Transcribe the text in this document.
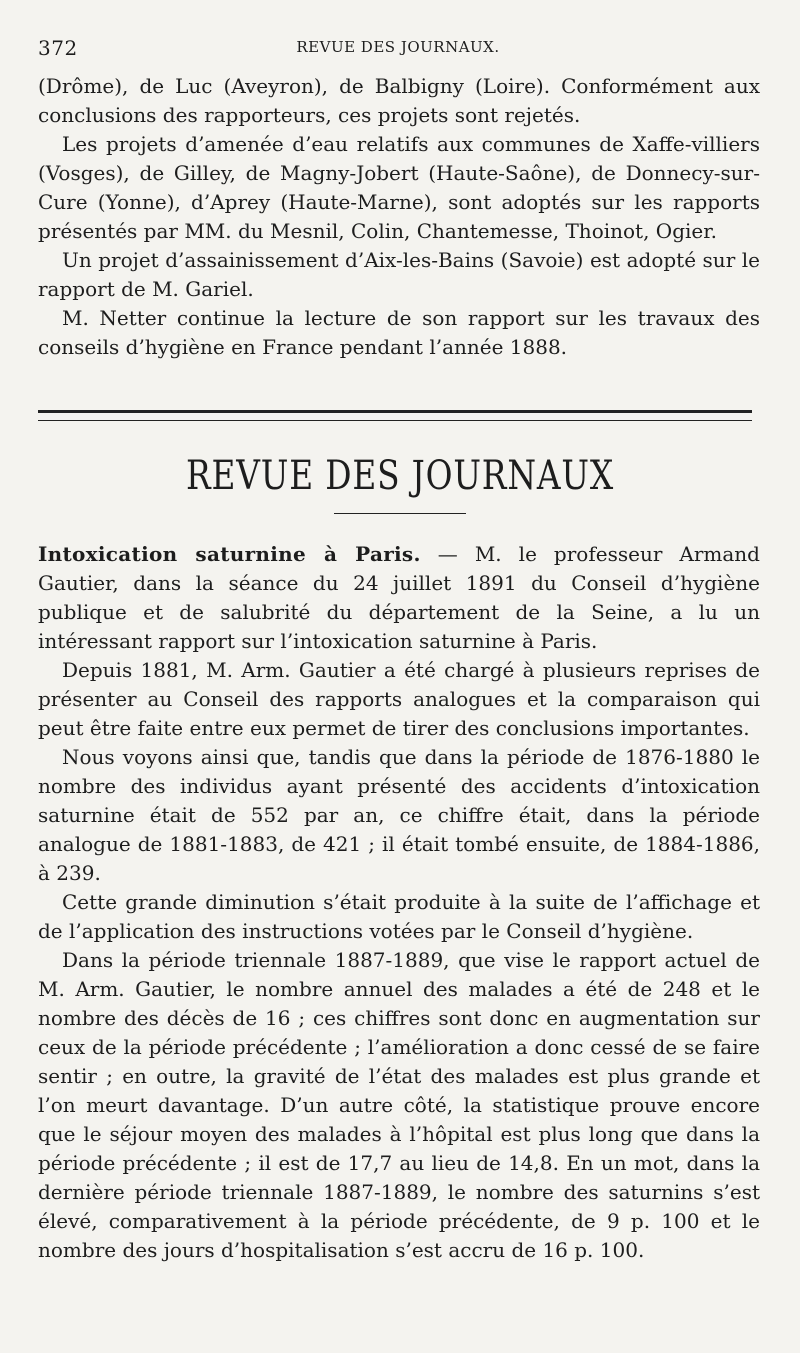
372	REVUE DES JOURNAUX.

(Drôme), de Luc (Aveyron), de Balbigny (Loire). Conformément aux conclusions des rapporteurs, ces projets sont rejetés.

Les projets d’amenée d’eau relatifs aux communes de Xaffe-villiers (Vosges), de Gilley, de Magny-Jobert (Haute-Saône), de Donnecy-sur-Cure (Yonne), d’Aprey (Haute-Marne), sont adoptés sur les rapports présentés par MM. du Mesnil, Colin, Chantemesse, Thoinot, Ogier.

Un projet d’assainissement d’Aix-les-Bains (Savoie) est adopté sur le rapport de M. Gariel.

M. Netter continue la lecture de son rapport sur les travaux des conseils d’hygiène en France pendant l’année 1888.

REVUE DES JOURNAUX

Intoxication saturnine à Paris. — M. le professeur Armand Gautier, dans la séance du 24 juillet 1891 du Conseil d’hygiène publique et de salubrité du département de la Seine, a lu un intéressant rapport sur l’intoxication saturnine à Paris.

Depuis 1881, M. Arm. Gautier a été chargé à plusieurs reprises de présenter au Conseil des rapports analogues et la comparaison qui peut être faite entre eux permet de tirer des conclusions importantes.

Nous voyons ainsi que, tandis que dans la période de 1876-1880 le nombre des individus ayant présenté des accidents d’intoxication saturnine était de 552 par an, ce chiffre était, dans la période analogue de 1881-1883, de 421 ; il était tombé ensuite, de 1884-1886, à 239.

Cette grande diminution s’était produite à la suite de l’affichage et de l’application des instructions votées par le Conseil d’hygiène.

Dans la période triennale 1887-1889, que vise le rapport actuel de M. Arm. Gautier, le nombre annuel des malades a été de 248 et le nombre des décès de 16 ; ces chiffres sont donc en augmentation sur ceux de la période précédente ; l’amélioration a donc cessé de se faire sentir ; en outre, la gravité de l’état des malades est plus grande et l’on meurt davantage. D’un autre côté, la statistique prouve encore que le séjour moyen des malades à l’hôpital est plus long que dans la période précédente ; il est de 17,7 au lieu de 14,8. En un mot, dans la dernière période triennale 1887-1889, le nombre des saturnins s’est élevé, comparativement à la période précédente, de 9 p. 100 et le nombre des jours d’hospitalisation s’est accru de 16 p. 100.
